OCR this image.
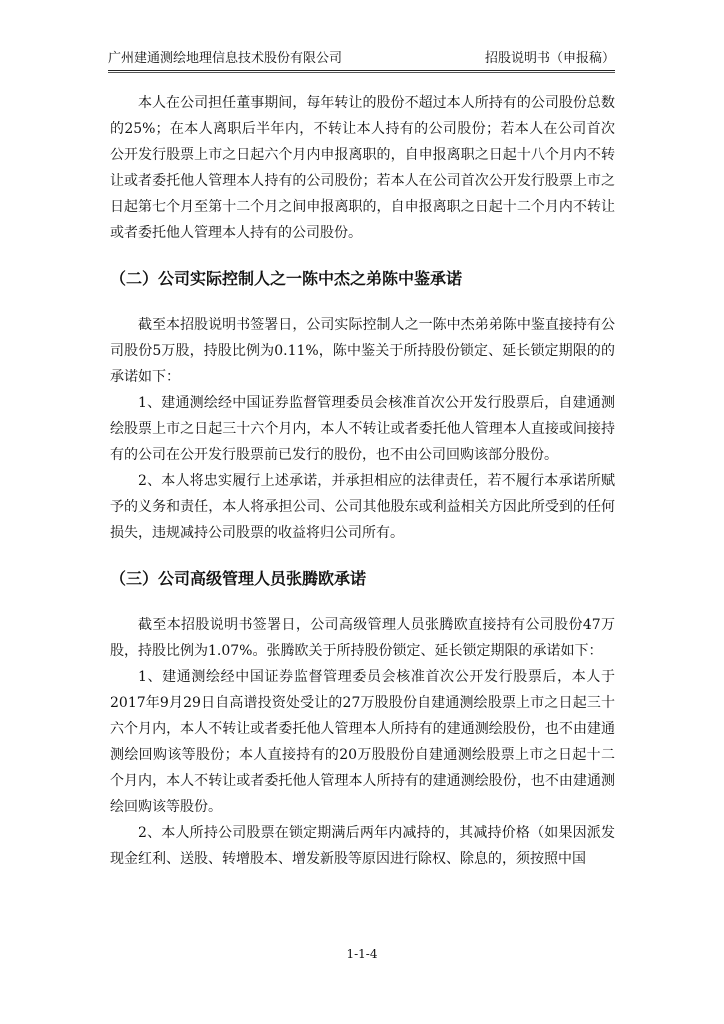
广州建通测绘地理信息技术股份有限公司	招股说明书（申报稿）

本人在公司担任董事期间，每年转让的股份不超过本人所持有的公司股份总数的25%；在本人离职后半年内，不转让本人持有的公司股份；若本人在公司首次公开发行股票上市之日起六个月内申报离职的，自申报离职之日起十八个月内不转让或者委托他人管理本人持有的公司股份；若本人在公司首次公开发行股票上市之日起第七个月至第十二个月之间申报离职的，自申报离职之日起十二个月内不转让或者委托他人管理本人持有的公司股份。

（二）公司实际控制人之一陈中杰之弟陈中鉴承诺

截至本招股说明书签署日，公司实际控制人之一陈中杰弟弟陈中鉴直接持有公司股份5万股，持股比例为0.11%，陈中鉴关于所持股份锁定、延长锁定期限的的承诺如下：

1、建通测绘经中国证券监督管理委员会核准首次公开发行股票后，自建通测绘股票上市之日起三十六个月内，本人不转让或者委托他人管理本人直接或间接持有的公司在公开发行股票前已发行的股份，也不由公司回购该部分股份。

2、本人将忠实履行上述承诺，并承担相应的法律责任，若不履行本承诺所赋予的义务和责任，本人将承担公司、公司其他股东或利益相关方因此所受到的任何损失，违规减持公司股票的收益将归公司所有。

（三）公司高级管理人员张腾欧承诺

截至本招股说明书签署日，公司高级管理人员张腾欧直接持有公司股份47万股，持股比例为1.07%。张腾欧关于所持股份锁定、延长锁定期限的承诺如下：

1、建通测绘经中国证券监督管理委员会核准首次公开发行股票后，本人于2017年9月29日自高谱投资处受让的27万股股份自建通测绘股票上市之日起三十六个月内，本人不转让或者委托他人管理本人所持有的建通测绘股份，也不由建通测绘回购该等股份；本人直接持有的20万股股份自建通测绘股票上市之日起十二个月内，本人不转让或者委托他人管理本人所持有的建通测绘股份，也不由建通测绘回购该等股份。

2、本人所持公司股票在锁定期满后两年内减持的，其减持价格（如果因派发现金红利、送股、转增股本、增发新股等原因进行除权、除息的，须按照中国

1-1-4
